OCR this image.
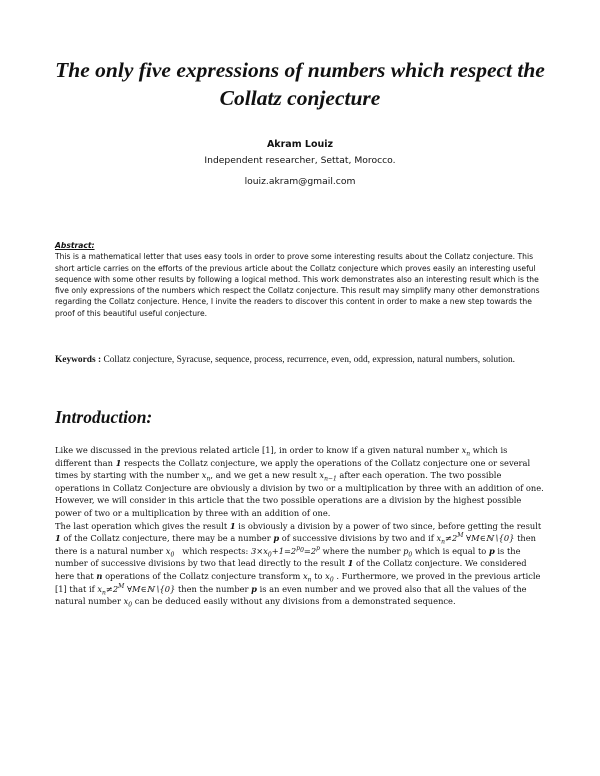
The only five expressions of numbers which respect the Collatz conjecture
Akram Louiz
Independent researcher, Settat, Morocco.
louiz.akram@gmail.com
Abstract:
This is a mathematical letter that uses easy tools in order to prove some interesting results about the Collatz conjecture. This short article carries on the efforts of the previous article about the Collatz conjecture which proves easily an interesting useful sequence with some other results by following a logical method. This work demonstrates also an interesting result which is the five only expressions of the numbers which respect the Collatz conjecture. This result may simplify many other demonstrations regarding the Collatz conjecture. Hence, I invite the readers to discover this content in order to make a new step towards the proof of this beautiful useful conjecture.
Keywords : Collatz conjecture, Syracuse, sequence, process, recurrence, even, odd, expression, natural numbers, solution.
Introduction:

Like we discussed in the previous related article [1], in order to know if a given natural number $x_n$ which is different than 1 respects the Collatz conjecture, we apply the operations of the Collatz conjecture one or several times by starting with the number $x_n$, and we get a new result $x_{n-1}$ after each operation. The two possible operations in Collatz Conjecture are obviously a division by two or a multiplication by three with an addition of one. However, we will consider in this article that the two possible operations are a division by the highest possible power of two or a multiplication by three with an addition of one.

The last operation which gives the result 1 is obviously a division by a power of two since, before getting the result 1 of the Collatz conjecture, there may be a number p of successive divisions by two and if $x_n\ne 2^M$ ∀M∈ℕ∖{0} then there is a natural number $x_0$ which respects: $3\times x_0+1=2^{p_0}=2^p$ where the number $p_0$ which is equal to p is the number of successive divisions by two that lead directly to the result 1 of the Collatz conjecture. We considered here that n operations of the Collatz conjecture transform $x_n$ to $x_0$ . Furthermore, we proved in the previous article [1] that if $x_n\ne 2^M$ ∀M∈ℕ∖{0} then the number p is an even number and we proved also that all the values of the natural number $x_0$ can be deduced easily without any divisions from a demonstrated sequence.
